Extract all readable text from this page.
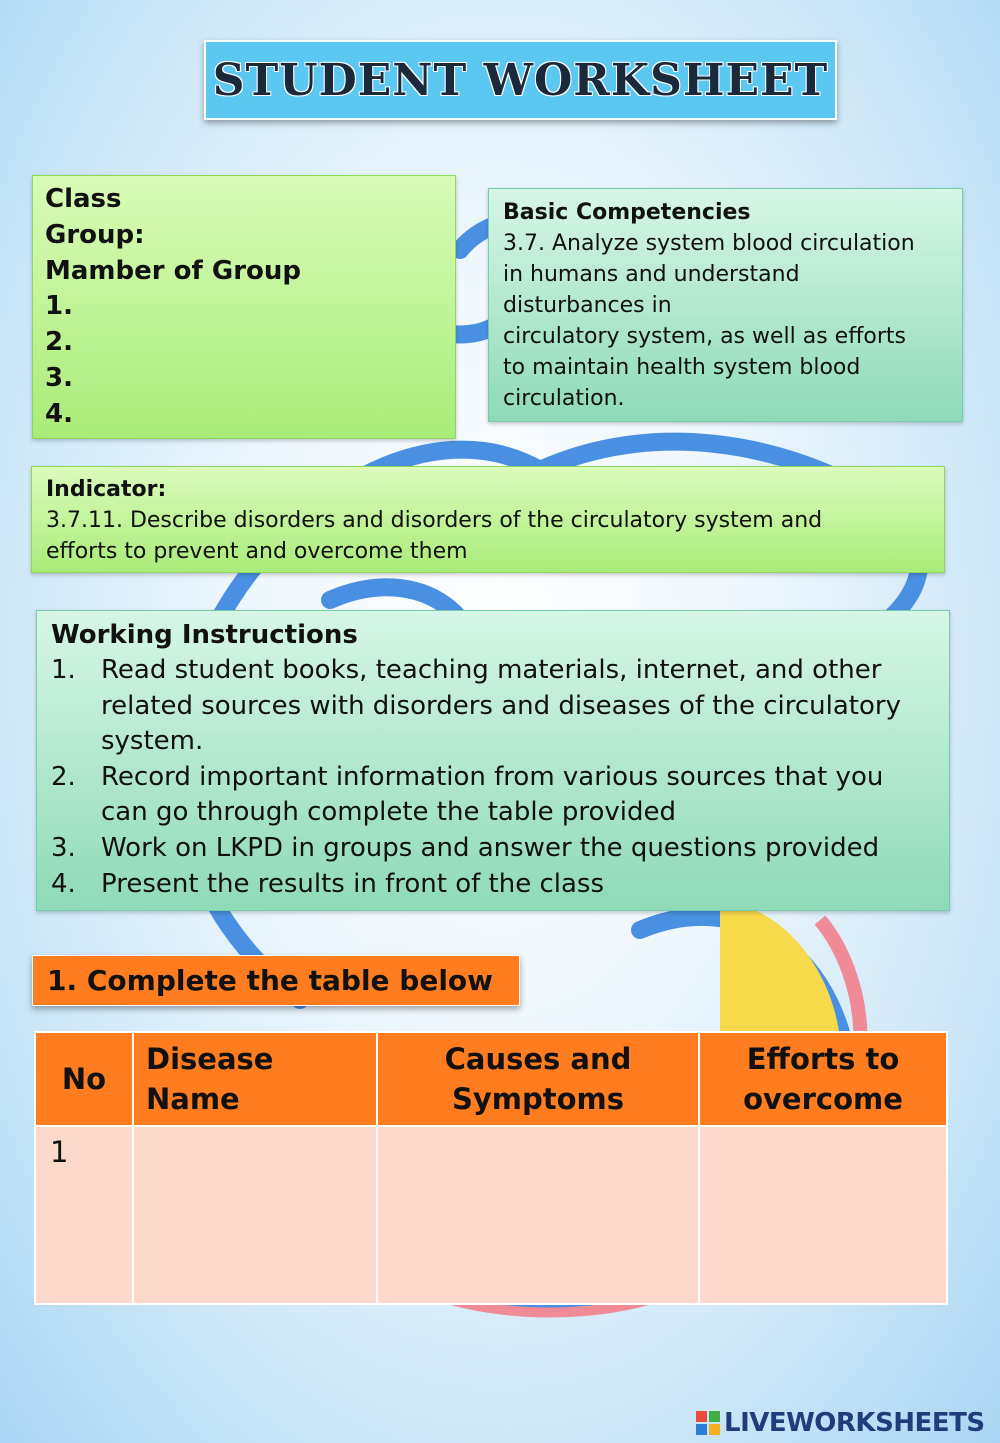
STUDENT WORKSHEET
Class
Group:
Mamber of Group
1.
2.
3.
4.
Basic Competencies
3.7. Analyze system blood circulation
in humans and understand
disturbances in
circulatory system, as well as efforts
to maintain health system blood
circulation.
Indicator:
3.7.11. Describe disorders and disorders of the circulatory system and
efforts to prevent and overcome them
Working Instructions
1. Read student books, teaching materials, internet, and other
related sources with disorders and diseases of the circulatory
system.
2. Record important information from various sources that you
can go through complete the table provided
3. Work on LKPD in groups and answer the questions provided
4. Present the results in front of the class
1. Complete the table below
No	Disease Name	Causes and Symptoms	Efforts to overcome
1			
LIVEWORKSHEETS
